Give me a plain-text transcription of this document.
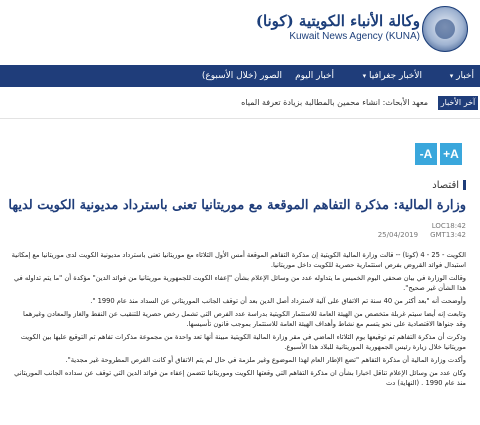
وكالة الأنباء الكويتية (كونا)
Kuwait News Agency (KUNA)
أخبار ▾
الأخبار جغرافيا ▾
أخبار اليوم
الصور (خلال الأسبوع)
آخر الأخبار
معهد الأبحاث: انشاء محمين بالمطالبة بزيادة تعرفة المياه
-A +A
اقتصاد
وزارة المالية: مذكرة التفاهم الموقعة مع موريتانيا تعنى باسترداد مديونية الكويت لديها
LOC18:42
25/04/2019 GMT13:42

الكويت - 25 - 4 (كونا) -- قالت وزارة المالية الكويتية إن مذكرة التفاهم الموقعة أمس الأول الثلاثاء مع موريتانيا تعنى باسترداد مديونية الكويت لدى موريتانيا مع إمكانية استبدال فوائد القروض بفرص استثمارية حصرية للكويت داخل موريتانيا.

وقالت الوزارة في بيان صحفي اليوم الخميس ما يتداوله عدد من وسائل الإعلام بشأن "إعفاء الكويت للجمهورية موريتانيا من فوائد الدين" مؤكدة أن "ما يتم تداوله في هذا الشأن غير صحيح".

وأوضحت أنه "بعد أكثر من 40 سنة تم الاتفاق على آلية لاسترداد أصل الدين بعد أن توقف الجانب الموريتاني عن السداد منذ عام 1990 ".

وتابعت إنه أيضا سيتم غربلة متخصص من الهيئة العامة للاستثمار الكويتية بدراسة عدد الفرص التي تشمل رخص حصرية للتنقيب عن النفط والغاز والمعادن وغيرهما وقد جنواها الاقتصادية على نحو يتسم مع نشاط وأهداف الهيئة العامة للاستثمار بموجب قانون تأسيسها.

وذكرت أن مذكرة التفاهم تم توقيعها يوم الثلاثاء الماضي في مقر وزارة المالية الكويتية مبينة أنها تعد واحدة من مجموعة مذكرات تفاهم تم التوقيع عليها بين الكويت موريتانيا خلال زيارة رئيس الجمهورية الموريتانية للبلاد هذا الأسبوع.

وأكدت وزارة المالية أن مذكرة التفاهم "تضع الإطار العام لهذا الموضوع وغير ملزمة في حال لم يتم الاتفاق أو كانت الفرص المطروحة غير مجدية".

وكان عدد من وسائل الإعلام تناقل اخبارا بشأن ان مذكرة التفاهم التي وقعتها الكويت وموريتانيا تتضمن إعفاء من فوائد الدين التي توقف عن سداده الجانب الموريتاني منذ عام 1990 . (النهاية) دت
